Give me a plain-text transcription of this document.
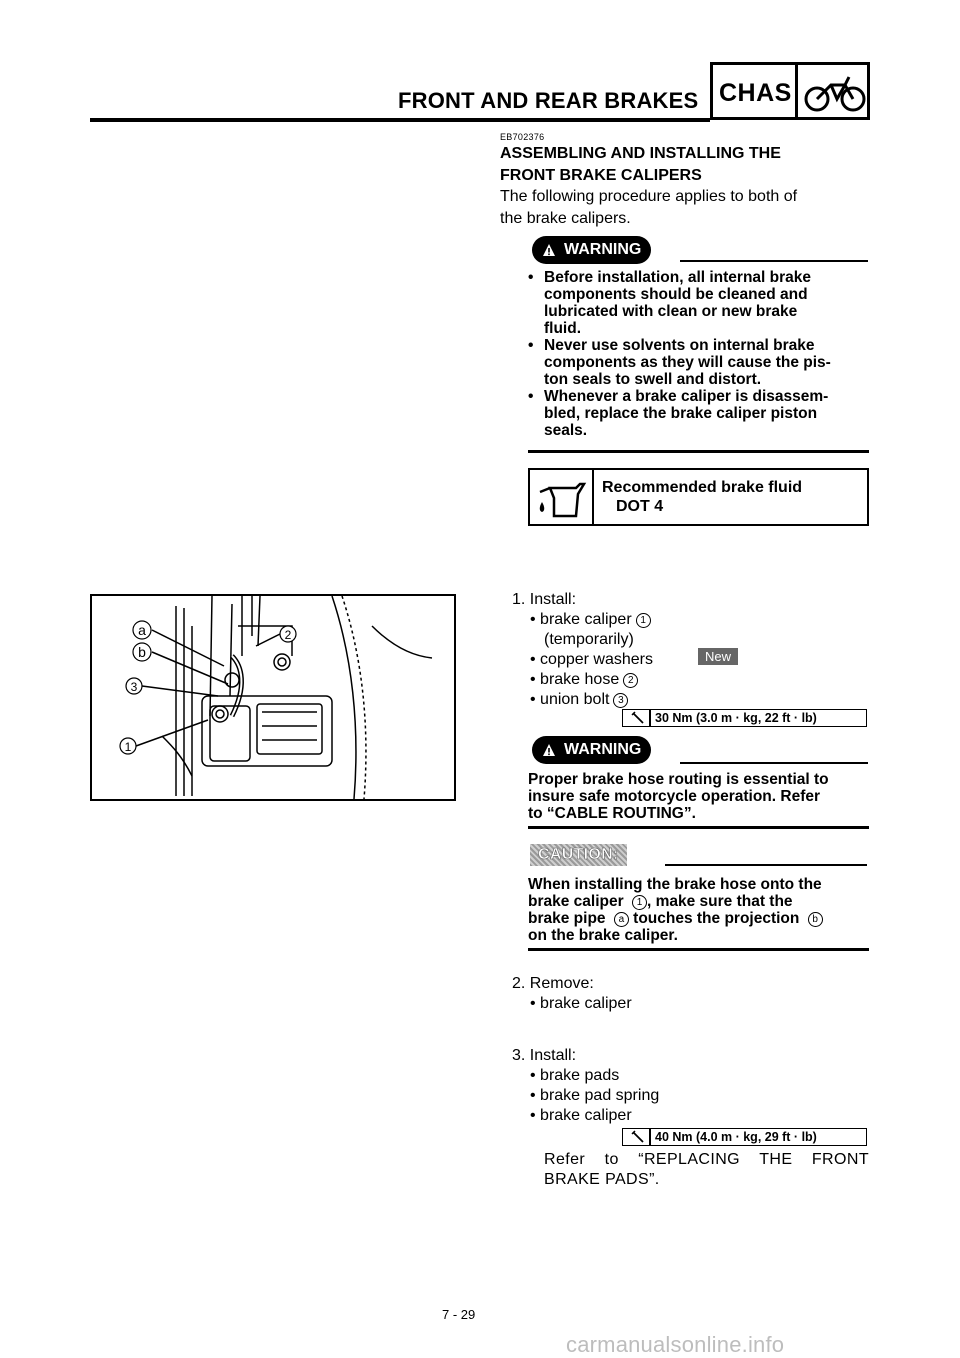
FRONT AND REAR BRAKES CHAS
EB702376
ASSEMBLING AND INSTALLING THE
FRONT BRAKE CALIPERS
The following procedure applies to both of
the brake calipers.
WARNING
• Before installation, all internal brake
components should be cleaned and
lubricated with clean or new brake
fluid.
• Never use solvents on internal brake
components as they will cause the pis-
ton seals to swell and distort.
• Whenever a brake caliper is disassem-
bled, replace the brake caliper piston
seals.
Recommended brake fluid
DOT 4
a
b
2
3
1
1. Install:
• brake caliper 1
(temporarily)
• copper washers
• brake hose 2
• union bolt 3
New
30 Nm (3.0 m · kg, 22 ft · lb)
WARNING
Proper brake hose routing is essential to
insure safe motorcycle operation. Refer
to “CABLE ROUTING”.
CAUTION:
When installing the brake hose onto the
brake caliper 1 , make sure that the
brake pipe a touches the projection b
on the brake caliper.
2. Remove:
• brake caliper
3. Install:
• brake pads
• brake pad spring
• brake caliper
40 Nm (4.0 m · kg, 29 ft · lb)
Refer to “REPLACING THE FRONT
BRAKE PADS”.
7 - 29
carmanualsonline.info
